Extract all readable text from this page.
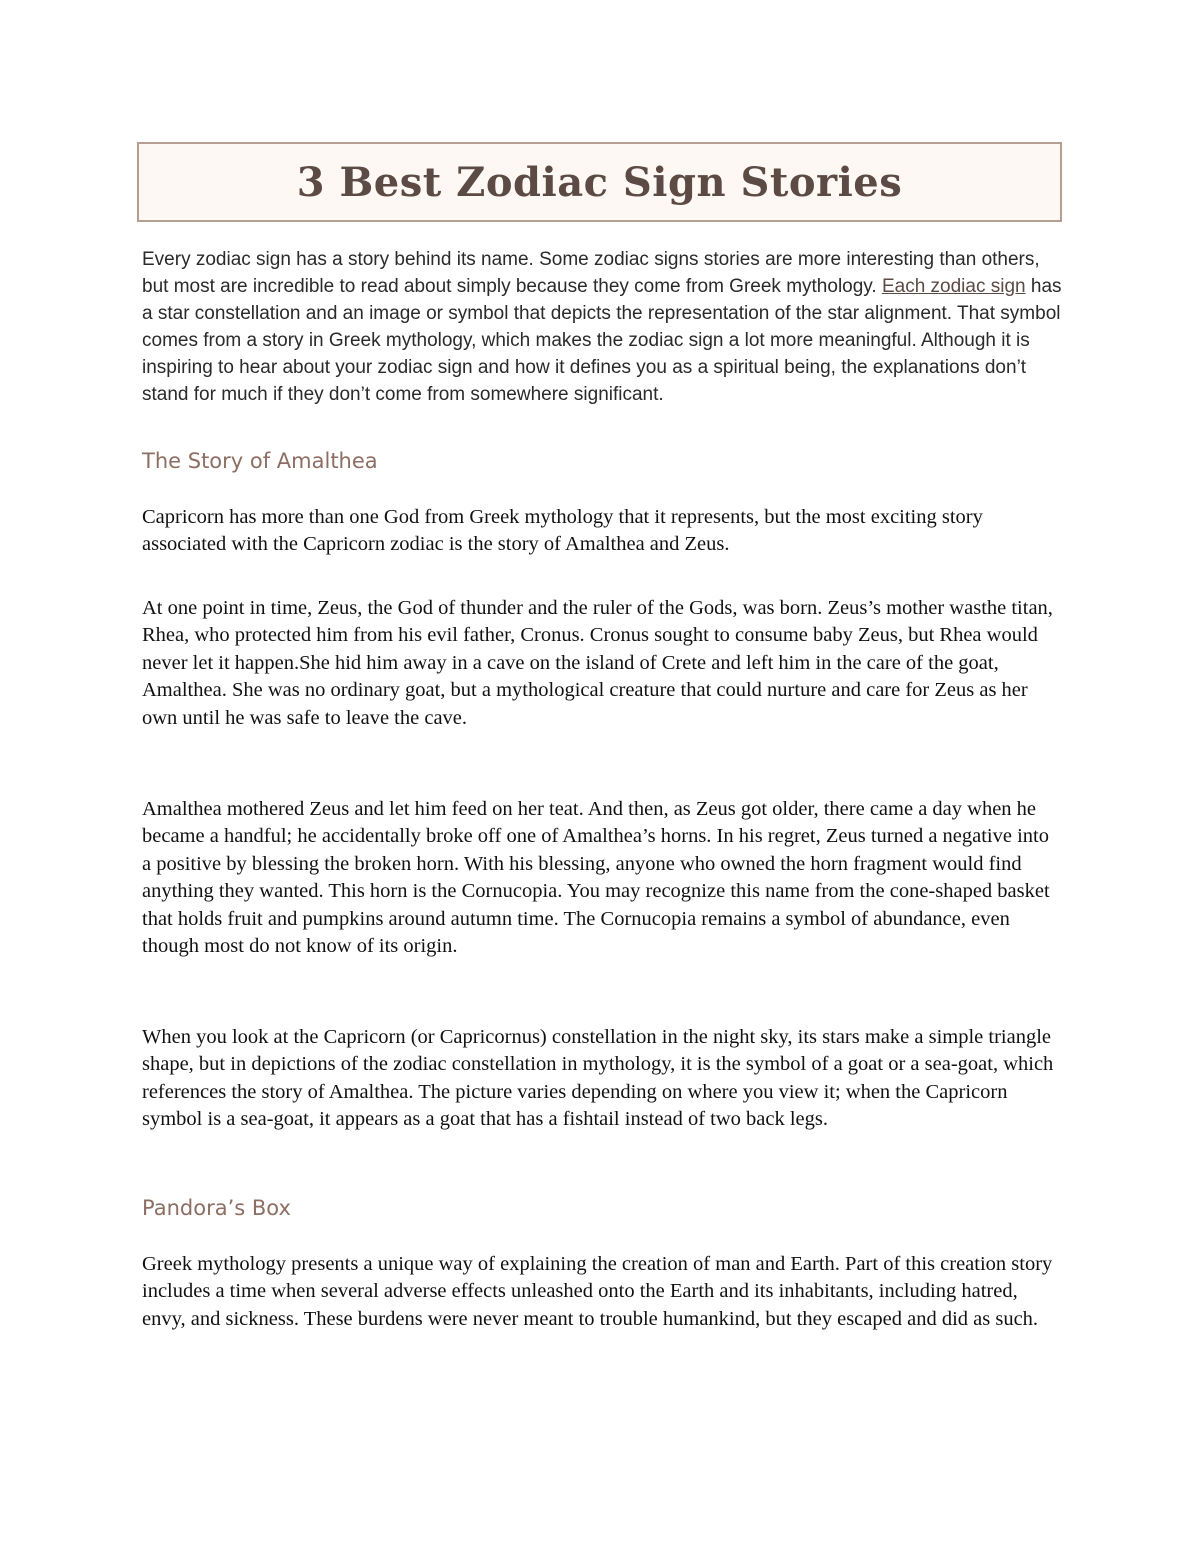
3 Best Zodiac Sign Stories

Every zodiac sign has a story behind its name. Some zodiac signs stories are more interesting than others, but most are incredible to read about simply because they come from Greek mythology. Each zodiac sign has a star constellation and an image or symbol that depicts the representation of the star alignment. That symbol comes from a story in Greek mythology, which makes the zodiac sign a lot more meaningful. Although it is inspiring to hear about your zodiac sign and how it defines you as a spiritual being, the explanations don’t stand for much if they don’t come from somewhere significant.

The Story of Amalthea

Capricorn has more than one God from Greek mythology that it represents, but the most exciting story associated with the Capricorn zodiac is the story of Amalthea and Zeus.

At one point in time, Zeus, the God of thunder and the ruler of the Gods, was born. Zeus’s mother wasthe titan, Rhea, who protected him from his evil father, Cronus. Cronus sought to consume baby Zeus, but Rhea would never let it happen.She hid him away in a cave on the island of Crete and left him in the care of the goat, Amalthea. She was no ordinary goat, but a mythological creature that could nurture and care for Zeus as her own until he was safe to leave the cave.

Amalthea mothered Zeus and let him feed on her teat. And then, as Zeus got older, there came a day when he became a handful; he accidentally broke off one of Amalthea’s horns. In his regret, Zeus turned a negative into a positive by blessing the broken horn. With his blessing, anyone who owned the horn fragment would find anything they wanted. This horn is the Cornucopia. You may recognize this name from the cone-shaped basket that holds fruit and pumpkins around autumn time. The Cornucopia remains a symbol of abundance, even though most do not know of its origin.

When you look at the Capricorn (or Capricornus) constellation in the night sky, its stars make a simple triangle shape, but in depictions of the zodiac constellation in mythology, it is the symbol of a goat or a sea-goat, which references the story of Amalthea. The picture varies depending on where you view it; when the Capricorn symbol is a sea-goat, it appears as a goat that has a fishtail instead of two back legs.

Pandora’s Box

Greek mythology presents a unique way of explaining the creation of man and Earth. Part of this creation story includes a time when several adverse effects unleashed onto the Earth and its inhabitants, including hatred, envy, and sickness. These burdens were never meant to trouble humankind, but they escaped and did as such.
